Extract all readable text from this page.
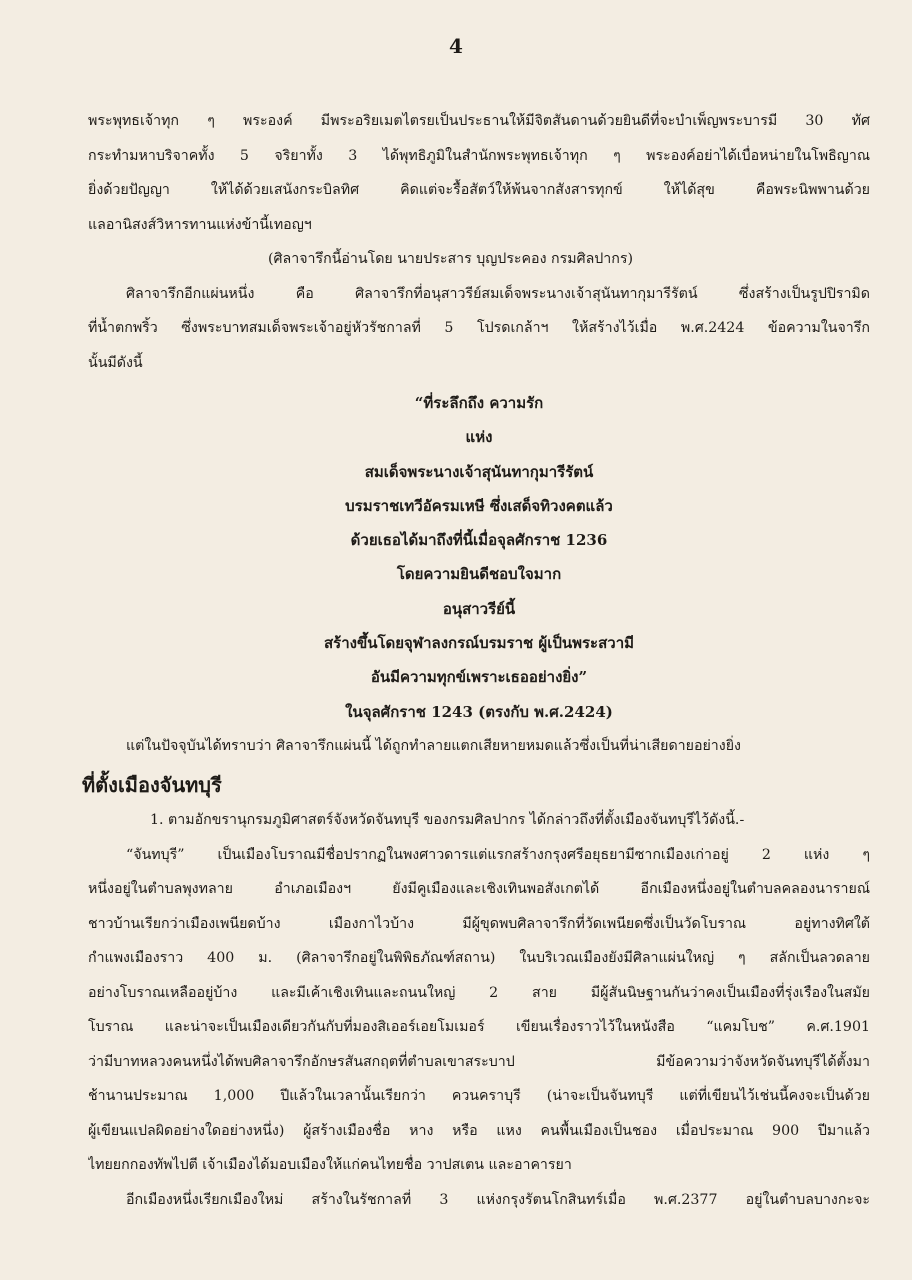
4
พระพุทธเจ้าทุก ๆ พระองค์ มีพระอริยเมตไตรยเป็นประธานให้มีจิตสันดานด้วยยินดีที่จะบำเพ็ญพระบารมี 30 ทัศ
กระทำมหาบริจาคทั้ง 5 จริยาทั้ง 3 ได้พุทธิภูมิในสำนักพระพุทธเจ้าทุก ๆ พระองค์อย่าได้เบื่อหน่ายในโพธิญาณ
ยิ่งด้วยปัญญา ให้ได้ด้วยเสนังกระบิลทิศ คิดแต่จะรื้อสัตว์ให้พ้นจากสังสารทุกข์ ให้ได้สุข คือพระนิพพานด้วย
แลอานิสงส์วิหารทานแห่งข้านี้เทอญฯ
(ศิลาจารึกนี้อ่านโดย นายประสาร บุญประคอง กรมศิลปากร)
ศิลาจารึกอีกแผ่นหนึ่ง คือ ศิลาจารึกที่อนุสาวรีย์สมเด็จพระนางเจ้าสุนันทากุมารีรัตน์ ซึ่งสร้างเป็นรูปปิรามิด
ที่น้ำตกพริ้ว ซึ่งพระบาทสมเด็จพระเจ้าอยู่หัวรัชกาลที่ 5 โปรดเกล้าฯ ให้สร้างไว้เมื่อ พ.ศ.2424 ข้อความในจารึก
นั้นมีดังนี้
“ที่ระลึกถึง ความรัก
แห่ง
สมเด็จพระนางเจ้าสุนันทากุมารีรัตน์
บรมราชเทวีอัครมเหษี ซึ่งเสด็จทิวงคตแล้ว
ด้วยเธอได้มาถึงที่นี้เมื่อจุลศักราช 1236
โดยความยินดีชอบใจมาก
อนุสาวรีย์นี้
สร้างขึ้นโดยจุฬาลงกรณ์บรมราช ผู้เป็นพระสวามี
อันมีความทุกข์เพราะเธออย่างยิ่ง”
ในจุลศักราช 1243 (ตรงกับ พ.ศ.2424)
แต่ในปัจจุบันได้ทราบว่า ศิลาจารึกแผ่นนี้ ได้ถูกทำลายแตกเสียหายหมดแล้วซึ่งเป็นที่น่าเสียดายอย่างยิ่ง
ที่ตั้งเมืองจันทบุรี
1. ตามอักขรานุกรมภูมิศาสตร์จังหวัดจันทบุรี ของกรมศิลปากร ได้กล่าวถึงที่ตั้งเมืองจันทบุรีไว้ดังนี้.-
“จันทบุรี” เป็นเมืองโบราณมีชื่อปรากฏในพงศาวดารแต่แรกสร้างกรุงศรีอยุธยามีซากเมืองเก่าอยู่ 2 แห่ง ๆ
หนึ่งอยู่ในตำบลพุงทลาย อำเภอเมืองฯ ยังมีคูเมืองและเชิงเทินพอสังเกตได้ อีกเมืองหนึ่งอยู่ในตำบลคลองนารายณ์
ชาวบ้านเรียกว่าเมืองเพนียดบ้าง เมืองกาไวบ้าง มีผู้ขุดพบศิลาจารึกที่วัดเพนียดซึ่งเป็นวัดโบราณ อยู่ทางทิศใต้
กำแพงเมืองราว 400 ม. (ศิลาจารึกอยู่ในพิพิธภัณฑ์สถาน) ในบริเวณเมืองยังมีศิลาแผ่นใหญ่ ๆ สลักเป็นลวดลาย
อย่างโบราณเหลืออยู่บ้าง และมีเค้าเชิงเทินและถนนใหญ่ 2 สาย มีผู้สันนิษฐานกันว่าคงเป็นเมืองที่รุ่งเรืองในสมัย
โบราณ และน่าจะเป็นเมืองเดียวกันกับที่มองสิเออร์เอยโมเมอร์ เขียนเรื่องราวไว้ในหนังสือ “แคมโบช” ค.ศ.1901
ว่ามีบาทหลวงคนหนึ่งได้พบศิลาจารึกอักษรสันสกฤตที่ตำบลเขาสระบาป มีข้อความว่าจังหวัดจันทบุรีได้ตั้งมา
ช้านานประมาณ 1,000 ปีแล้วในเวลานั้นเรียกว่า ควนคราบุรี (น่าจะเป็นจันทบุรี แต่ที่เขียนไว้เช่นนี้คงจะเป็นด้วย
ผู้เขียนแปลผิดอย่างใดอย่างหนึ่ง) ผู้สร้างเมืองชื่อ หาง หรือ แหง คนพื้นเมืองเป็นชอง เมื่อประมาณ 900 ปีมาแล้ว
ไทยยกกองทัพไปตี เจ้าเมืองได้มอบเมืองให้แก่คนไทยชื่อ วาปสเตน และอาคารยา
อีกเมืองหนึ่งเรียกเมืองใหม่ สร้างในรัชกาลที่ 3 แห่งกรุงรัตนโกสินทร์เมื่อ พ.ศ.2377 อยู่ในตำบลบางกะจะ
